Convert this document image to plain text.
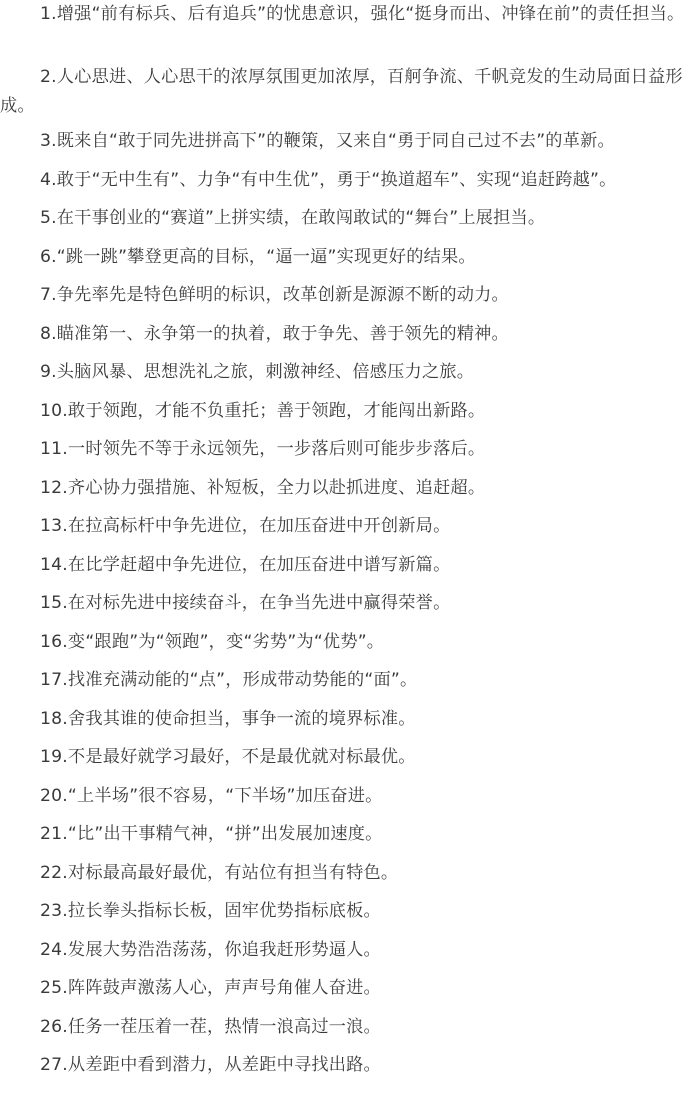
1.增强“前有标兵、后有追兵”的忧患意识，强化“挺身而出、冲锋在前”的责任担当。

2.人心思进、人心思干的浓厚氛围更加浓厚，百舸争流、千帆竞发的生动局面日益形成。

3.既来自“敢于同先进拼高下”的鞭策，又来自“勇于同自己过不去”的革新。

4.敢于“无中生有”、力争“有中生优”，勇于“换道超车”、实现“追赶跨越”。

5.在干事创业的“赛道”上拼实绩，在敢闯敢试的“舞台”上展担当。

6.“跳一跳”攀登更高的目标，“逼一逼”实现更好的结果。

7.争先率先是特色鲜明的标识，改革创新是源源不断的动力。

8.瞄准第一、永争第一的执着，敢于争先、善于领先的精神。

9.头脑风暴、思想洗礼之旅，刺激神经、倍感压力之旅。

10.敢于领跑，才能不负重托；善于领跑，才能闯出新路。

11.一时领先不等于永远领先，一步落后则可能步步落后。

12.齐心协力强措施、补短板，全力以赴抓进度、追赶超。

13.在拉高标杆中争先进位，在加压奋进中开创新局。

14.在比学赶超中争先进位，在加压奋进中谱写新篇。

15.在对标先进中接续奋斗，在争当先进中赢得荣誉。

16.变“跟跑”为“领跑”，变“劣势”为“优势”。

17.找准充满动能的“点”，形成带动势能的“面”。

18.舍我其谁的使命担当，事争一流的境界标准。

19.不是最好就学习最好，不是最优就对标最优。

20.“上半场”很不容易，“下半场”加压奋进。

21.“比”出干事精气神，“拼”出发展加速度。

22.对标最高最好最优，有站位有担当有特色。

23.拉长拳头指标长板，固牢优势指标底板。

24.发展大势浩浩荡荡，你追我赶形势逼人。

25.阵阵鼓声激荡人心，声声号角催人奋进。

26.任务一茬压着一茬，热情一浪高过一浪。

27.从差距中看到潜力，从差距中寻找出路。
